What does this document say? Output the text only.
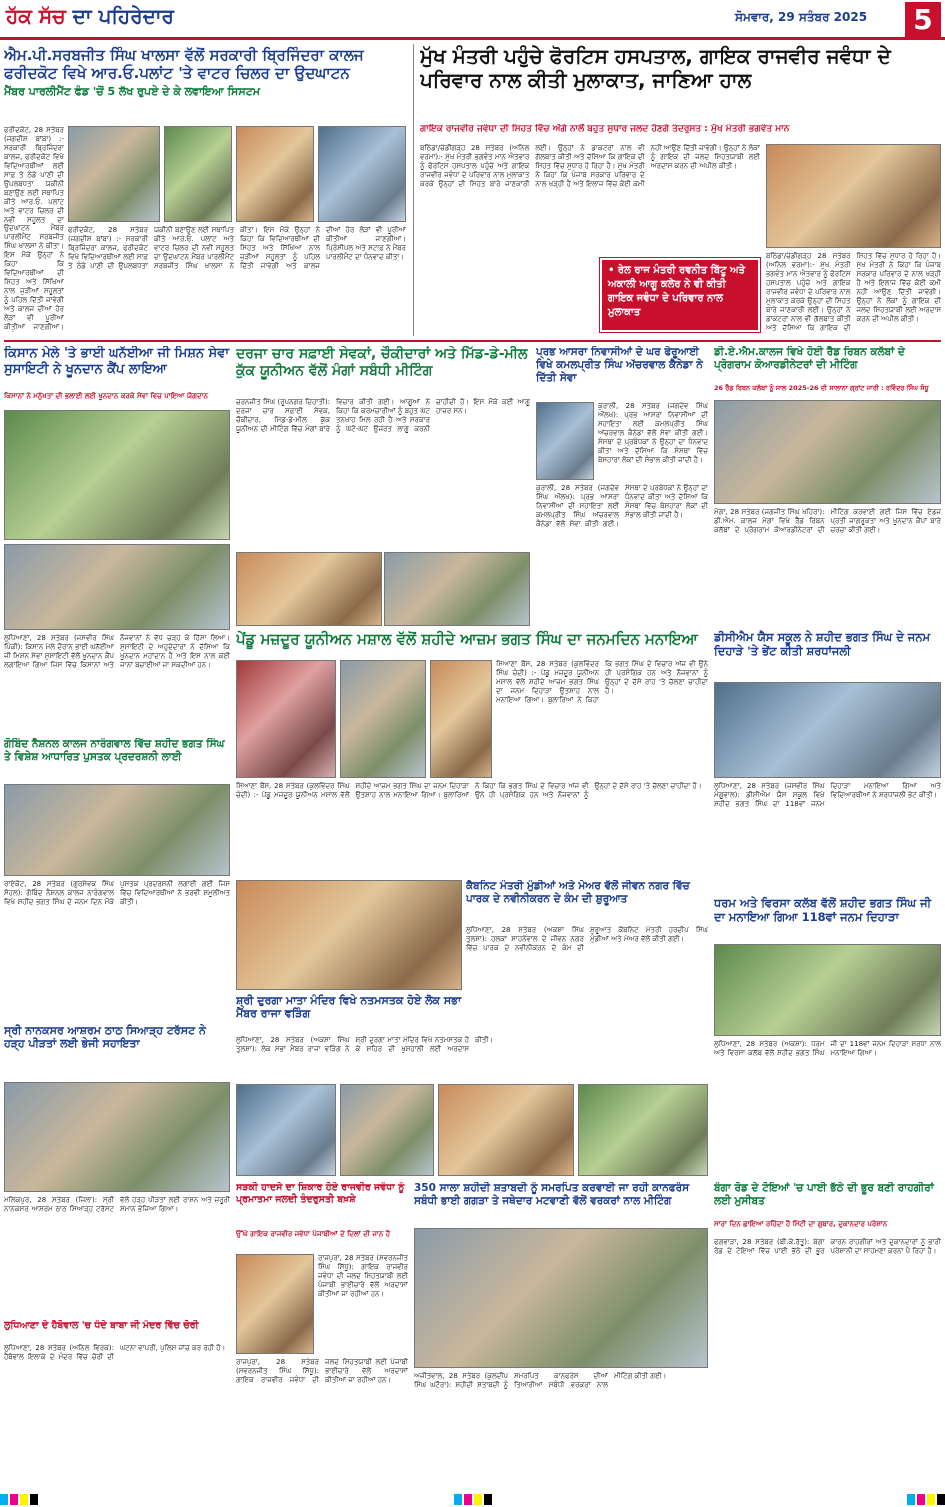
ਹੱਕ ਸੱਚ ਦਾ ਪਹਿਰੇਦਾਰ	ਸੋਮਵਾਰ, 29 ਸਤੰਬਰ 2025 5
ਐਮ.ਪੀ.ਸਰਬਜੀਤ ਸਿੰਘ ਖਾਲਸਾ ਵੱਲੋਂ ਸਰਕਾਰੀ ਬ੍ਰਿਜਿੰਦਰਾ ਕਾਲਜ ਫਰੀਦਕੋਟ ਵਿਖੇ ਆਰ.ਓ.ਪਲਾਂਟ 'ਤੇ ਵਾਟਰ ਚਿਲਰ ਦਾ ਉਦਘਾਟਨ
ਮੈਂਬਰ ਪਾਰਲੀਮੈਂਟ ਫੰਡ 'ਚੋਂ 5 ਲੱਖ ਰੁਪਏ ਦੇ ਕੇ ਲਵਾਇਆ ਸਿਸਟਮ
ਫਰੀਦਕੋਟ, 28 ਸਤੰਬਰ (ਜਗਦੀਸ਼ ਬਾਂਬਾ) :- ਸਰਕਾਰੀ ਬ੍ਰਿਜਿੰਦਰਾ ਕਾਲਜ, ਫਰੀਦਕੋਟ ਵਿਖੇ ਵਿਦਿਆਰਥੀਆਂ ਲਈ ਸਾਫ਼ ਤੇ ਠੰਡੇ ਪਾਣੀ ਦੀ ਉਪਲਬਧਤਾ ਯਕੀਨੀ ਬਣਾਉਣ ਲਈ ਸਥਾਪਿਤ ਕੀਤੇ ਆਰ.ਓ. ਪਲਾਂਟ ਅਤੇ ਵਾਟਰ ਚਿਲਰ ਦੀ ਨਵੀਂ ਸਹੂਲਤ ਦਾ ਉਦਘਾਟਨ ਮੈਂਬਰ ਪਾਰਲੀਮੈਂਟ ਸਰਬਜੀਤ ਸਿੰਘ ਖਾਲਸਾ ਨੇ ਕੀਤਾ। ਇਸ ਮੌਕੇ ਉਨ੍ਹਾਂ ਨੇ ਕਿਹਾ ਕਿ ਵਿਦਿਆਰਥੀਆਂ ਦੀ ਸਿਹਤ ਅਤੇ ਸਿੱਖਿਆ ਨਾਲ ਜੁੜੀਆਂ ਸਹੂਲਤਾਂ ਨੂੰ ਪਹਿਲ ਦਿੱਤੀ ਜਾਵੇਗੀ ਅਤੇ ਕਾਲਜ ਦੀਆਂ ਹੋਰ ਲੋੜਾਂ ਵੀ ਪੂਰੀਆਂ ਕੀਤੀਆਂ ਜਾਣਗੀਆਂ।
ਫਰੀਦਕੋਟ, 28 ਸਤੰਬਰ (ਜਗਦੀਸ਼ ਬਾਂਬਾ) :- ਸਰਕਾਰੀ ਬ੍ਰਿਜਿੰਦਰਾ ਕਾਲਜ, ਫਰੀਦਕੋਟ ਵਿਖੇ ਵਿਦਿਆਰਥੀਆਂ ਲਈ ਸਾਫ਼ ਤੇ ਠੰਡੇ ਪਾਣੀ ਦੀ ਉਪਲਬਧਤਾ ਯਕੀਨੀ ਬਣਾਉਣ ਲਈ ਸਥਾਪਿਤ ਕੀਤੇ ਆਰ.ਓ. ਪਲਾਂਟ ਅਤੇ ਵਾਟਰ ਚਿਲਰ ਦੀ ਨਵੀਂ ਸਹੂਲਤ ਦਾ ਉਦਘਾਟਨ ਮੈਂਬਰ ਪਾਰਲੀਮੈਂਟ ਸਰਬਜੀਤ ਸਿੰਘ ਖਾਲਸਾ ਨੇ ਕੀਤਾ। ਇਸ ਮੌਕੇ ਉਨ੍ਹਾਂ ਨੇ ਕਿਹਾ ਕਿ ਵਿਦਿਆਰਥੀਆਂ ਦੀ ਸਿਹਤ ਅਤੇ ਸਿੱਖਿਆ ਨਾਲ ਜੁੜੀਆਂ ਸਹੂਲਤਾਂ ਨੂੰ ਪਹਿਲ ਦਿੱਤੀ ਜਾਵੇਗੀ ਅਤੇ ਕਾਲਜ ਦੀਆਂ ਹੋਰ ਲੋੜਾਂ ਵੀ ਪੂਰੀਆਂ ਕੀਤੀਆਂ ਜਾਣਗੀਆਂ। ਪ੍ਰਿੰਸੀਪਲ ਅਤੇ ਸਟਾਫ਼ ਨੇ ਮੈਂਬਰ ਪਾਰਲੀਮੈਂਟ ਦਾ ਧੰਨਵਾਦ ਕੀਤਾ।
ਮੁੱਖ ਮੰਤਰੀ ਪਹੁੰਚੇ ਫੋਰਟਿਸ ਹਸਪਤਾਲ, ਗਾਇਕ ਰਾਜਵੀਰ ਜਵੰਧਾ ਦੇ ਪਰਿਵਾਰ ਨਾਲ ਕੀਤੀ ਮੁਲਾਕਾਤ, ਜਾਣਿਆ ਹਾਲ
ਗਾਇਕ ਰਾਜਵੀਰ ਜਵੰਧਾ ਦੀ ਸਿਹਤ ਵਿੱਚ ਅੱਗੇ ਨਾਲੋਂ ਬਹੁਤ ਸੁਧਾਰ ਜਲਦ ਹੋਣਗੇ ਤੰਦਰੁਸਤ : ਮੁੱਖ ਮੰਤਰੀ ਭਗਵੰਤ ਮਾਨ
ਬਠਿੰਡਾ/ਚੰਡੀਗੜ੍ਹ 28 ਸਤੰਬਰ (ਅਨਿਲ ਵਰਮਾ):- ਮੁੱਖ ਮੰਤਰੀ ਭਗਵੰਤ ਮਾਨ ਐਤਵਾਰ ਨੂੰ ਫੋਰਟਿਸ ਹਸਪਤਾਲ ਪਹੁੰਚੇ ਅਤੇ ਗਾਇਕ ਰਾਜਵੀਰ ਜਵੰਧਾ ਦੇ ਪਰਿਵਾਰ ਨਾਲ ਮੁਲਾਕਾਤ ਕਰਕੇ ਉਨ੍ਹਾਂ ਦੀ ਸਿਹਤ ਬਾਰੇ ਜਾਣਕਾਰੀ ਲਈ। ਉਨ੍ਹਾਂ ਨੇ ਡਾਕਟਰਾਂ ਨਾਲ ਵੀ ਗੱਲਬਾਤ ਕੀਤੀ ਅਤੇ ਦੱਸਿਆ ਕਿ ਗਾਇਕ ਦੀ ਸਿਹਤ ਵਿੱਚ ਸੁਧਾਰ ਹੋ ਰਿਹਾ ਹੈ। ਮੁੱਖ ਮੰਤਰੀ ਨੇ ਕਿਹਾ ਕਿ ਪੰਜਾਬ ਸਰਕਾਰ ਪਰਿਵਾਰ ਦੇ ਨਾਲ ਖੜ੍ਹੀ ਹੈ ਅਤੇ ਇਲਾਜ ਵਿੱਚ ਕੋਈ ਕਮੀ ਨਹੀਂ ਆਉਣ ਦਿੱਤੀ ਜਾਵੇਗੀ। ਉਨ੍ਹਾਂ ਨੇ ਲੋਕਾਂ ਨੂੰ ਗਾਇਕ ਦੀ ਜਲਦ ਸਿਹਤਯਾਬੀ ਲਈ ਅਰਦਾਸ ਕਰਨ ਦੀ ਅਪੀਲ ਕੀਤੀ।
ਬਠਿੰਡਾ/ਚੰਡੀਗੜ੍ਹ 28 ਸਤੰਬਰ (ਅਨਿਲ ਵਰਮਾ):- ਮੁੱਖ ਮੰਤਰੀ ਭਗਵੰਤ ਮਾਨ ਐਤਵਾਰ ਨੂੰ ਫੋਰਟਿਸ ਹਸਪਤਾਲ ਪਹੁੰਚੇ ਅਤੇ ਗਾਇਕ ਰਾਜਵੀਰ ਜਵੰਧਾ ਦੇ ਪਰਿਵਾਰ ਨਾਲ ਮੁਲਾਕਾਤ ਕਰਕੇ ਉਨ੍ਹਾਂ ਦੀ ਸਿਹਤ ਬਾਰੇ ਜਾਣਕਾਰੀ ਲਈ। ਉਨ੍ਹਾਂ ਨੇ ਡਾਕਟਰਾਂ ਨਾਲ ਵੀ ਗੱਲਬਾਤ ਕੀਤੀ ਅਤੇ ਦੱਸਿਆ ਕਿ ਗਾਇਕ ਦੀ ਸਿਹਤ ਵਿੱਚ ਸੁਧਾਰ ਹੋ ਰਿਹਾ ਹੈ। ਮੁੱਖ ਮੰਤਰੀ ਨੇ ਕਿਹਾ ਕਿ ਪੰਜਾਬ ਸਰਕਾਰ ਪਰਿਵਾਰ ਦੇ ਨਾਲ ਖੜ੍ਹੀ ਹੈ ਅਤੇ ਇਲਾਜ ਵਿੱਚ ਕੋਈ ਕਮੀ ਨਹੀਂ ਆਉਣ ਦਿੱਤੀ ਜਾਵੇਗੀ। ਉਨ੍ਹਾਂ ਨੇ ਲੋਕਾਂ ਨੂੰ ਗਾਇਕ ਦੀ ਜਲਦ ਸਿਹਤਯਾਬੀ ਲਈ ਅਰਦਾਸ ਕਰਨ ਦੀ ਅਪੀਲ ਕੀਤੀ।
• ਰੇਲ ਰਾਜ ਮੰਤਰੀ ਰਵਨੀਤ ਬਿੱਟੂ ਅਤੇ ਅਕਾਲੀ ਆਗੂ ਕਲੇਰ ਨੇ ਵੀ ਕੀਤੀ ਗਾਇਕ ਜਵੰਧਾ ਦੇ ਪਰਿਵਾਰ ਨਾਲ ਮੁਲਾਕਾਤ
ਕਿਸਾਨ ਮੇਲੇ 'ਤੇ ਭਾਈ ਘਨੱਈਆ ਜੀ ਮਿਸ਼ਨ ਸੇਵਾ ਸੁਸਾਇਟੀ ਨੇ ਖੂਨਦਾਨ ਕੈਂਪ ਲਾਇਆ
ਕਿਸਾਨਾਂ ਨੇ ਮਨੁੱਖਤਾ ਦੀ ਭਲਾਈ ਲਈ ਖੂਨਦਾਨ ਕਰਕੇ ਸੇਵਾ ਵਿਚ ਪਾਇਆ ਯੋਗਦਾਨ
ਲੁਧਿਆਣਾ, 28 ਸਤੰਬਰ (ਜਸਵੀਰ ਸਿੰਘ ਪਿੰਕੀ): ਕਿਸਾਨ ਮੇਲੇ ਦੌਰਾਨ ਭਾਈ ਘਨੱਈਆ ਜੀ ਮਿਸ਼ਨ ਸੇਵਾ ਸੁਸਾਇਟੀ ਵੱਲੋਂ ਖੂਨਦਾਨ ਕੈਂਪ ਲਗਾਇਆ ਗਿਆ ਜਿਸ ਵਿੱਚ ਕਿਸਾਨਾਂ ਅਤੇ ਨੌਜਵਾਨਾਂ ਨੇ ਵੱਧ ਚੜ੍ਹ ਕੇ ਹਿੱਸਾ ਲਿਆ। ਸੁਸਾਇਟੀ ਦੇ ਅਹੁਦੇਦਾਰਾਂ ਨੇ ਦੱਸਿਆ ਕਿ ਖੂਨਦਾਨ ਮਹਾਂਦਾਨ ਹੈ ਅਤੇ ਇਸ ਨਾਲ ਕਈ ਜਾਨਾਂ ਬਚਾਈਆਂ ਜਾ ਸਕਦੀਆਂ ਹਨ।
ਦਰਜਾ ਚਾਰ ਸਫ਼ਾਈ ਸੇਵਕਾਂ, ਚੌਕੀਦਾਰਾਂ ਅਤੇ ਮਿੱਡ-ਡੇ-ਮੀਲ ਕੁੱਕ ਯੂਨੀਅਨ ਵੱਲੋਂ ਮੰਗਾਂ ਸਬੰਧੀ ਮੀਟਿੰਗ
ਚਰਨਜੀਤ ਸਿੰਘ (ਰੂਪਨਗਰ ਦਿਹਾਤੀ): ਦਰਜਾ ਚਾਰ ਸਫ਼ਾਈ ਸੇਵਕ, ਚੌਕੀਦਾਰ, ਮਿੱਡ-ਡੇ-ਮੀਲ ਕੁੱਕ ਯੂਨੀਅਨ ਦੀ ਮੀਟਿੰਗ ਵਿੱਚ ਮੰਗਾਂ ਬਾਰੇ ਵਿਚਾਰ ਕੀਤੀ ਗਈ। ਆਗੂਆਂ ਨੇ ਕਿਹਾ ਕਿ ਕਰਮਚਾਰੀਆਂ ਨੂੰ ਬਹੁਤ ਘੱਟ ਤਨਖਾਹ ਮਿਲ ਰਹੀ ਹੈ ਅਤੇ ਸਰਕਾਰ ਨੂੰ ਘੱਟੋ-ਘੱਟ ਉਜਰਤ ਲਾਗੂ ਕਰਨੀ ਚਾਹੀਦੀ ਹੈ। ਇਸ ਮੌਕੇ ਕਈ ਆਗੂ ਹਾਜ਼ਰ ਸਨ।
ਪ੍ਰਭ ਆਸਰਾ ਨਿਵਾਸੀਆਂ ਦੇ ਘਰ ਫੇਰੂਆਈ ਵਿਖੇ ਕਮਲਪ੍ਰੀਤ ਸਿੰਘ ਅੱਚਰਵਾਲ ਕੈਨੇਡਾ ਨੇ ਦਿੱਤੀ ਸੇਵਾ
ਕੁਰਾਲੀ, 28 ਸਤੰਬਰ (ਜਗਦੇਵ ਸਿੰਘ ਔਲਖ): ਪ੍ਰਭ ਆਸਰਾ ਨਿਵਾਸੀਆਂ ਦੀ ਸਹਾਇਤਾ ਲਈ ਕਮਲਪ੍ਰੀਤ ਸਿੰਘ ਅੱਚਰਵਾਲ ਕੈਨੇਡਾ ਵੱਲੋਂ ਸੇਵਾ ਕੀਤੀ ਗਈ। ਸੰਸਥਾ ਦੇ ਪ੍ਰਬੰਧਕਾਂ ਨੇ ਉਨ੍ਹਾਂ ਦਾ ਧੰਨਵਾਦ ਕੀਤਾ ਅਤੇ ਦੱਸਿਆ ਕਿ ਸੰਸਥਾ ਵਿੱਚ ਬੇਸਹਾਰਾ ਲੋਕਾਂ ਦੀ ਸੰਭਾਲ ਕੀਤੀ ਜਾਂਦੀ ਹੈ।
ਕੁਰਾਲੀ, 28 ਸਤੰਬਰ (ਜਗਦੇਵ ਸਿੰਘ ਔਲਖ): ਪ੍ਰਭ ਆਸਰਾ ਨਿਵਾਸੀਆਂ ਦੀ ਸਹਾਇਤਾ ਲਈ ਕਮਲਪ੍ਰੀਤ ਸਿੰਘ ਅੱਚਰਵਾਲ ਕੈਨੇਡਾ ਵੱਲੋਂ ਸੇਵਾ ਕੀਤੀ ਗਈ। ਸੰਸਥਾ ਦੇ ਪ੍ਰਬੰਧਕਾਂ ਨੇ ਉਨ੍ਹਾਂ ਦਾ ਧੰਨਵਾਦ ਕੀਤਾ ਅਤੇ ਦੱਸਿਆ ਕਿ ਸੰਸਥਾ ਵਿੱਚ ਬੇਸਹਾਰਾ ਲੋਕਾਂ ਦੀ ਸੰਭਾਲ ਕੀਤੀ ਜਾਂਦੀ ਹੈ।
ਡੀ.ਏ.ਐਮ.ਕਾਲਜ ਵਿਖੇ ਹੋਈ ਰੈੱਡ ਰਿਬਨ ਕਲੱਬਾਂ ਦੇ ਪ੍ਰੋਗਰਾਮ ਕੋਆਰਡੀਨੇਟਰਾਂ ਦੀ ਮੀਟਿੰਗ
26 ਰੈੱਡ ਰਿਬਨ ਕਲੱਬਾਂ ਨੂੰ ਸਾਲ 2025-26 ਦੀ ਸਾਲਾਨਾ ਗ੍ਰਾਂਟ ਜਾਰੀ : ਰਵਿੰਦਰ ਸਿੰਘ ਸੰਧੂ
ਮੋਗਾ, 28 ਸਤੰਬਰ (ਜਗਜੀਤ ਸਿੰਘ ਖਹਿਰਾ): ਡੀ.ਐਮ. ਕਾਲਜ ਮੋਗਾ ਵਿਖੇ ਰੈੱਡ ਰਿਬਨ ਕਲੱਬਾਂ ਦੇ ਪ੍ਰੋਗਰਾਮ ਕੋਆਰਡੀਨੇਟਰਾਂ ਦੀ ਮੀਟਿੰਗ ਕਰਵਾਈ ਗਈ ਜਿਸ ਵਿੱਚ ਏਡਜ਼ ਪ੍ਰਤੀ ਜਾਗਰੂਕਤਾ ਅਤੇ ਖੂਨਦਾਨ ਕੈਂਪਾਂ ਬਾਰੇ ਚਰਚਾ ਕੀਤੀ ਗਈ।
ਪੇਂਡੂ ਮਜ਼ਦੂਰ ਯੂਨੀਅਨ ਮਸ਼ਾਲ ਵੱਲੋਂ ਸ਼ਹੀਦੇ ਆਜ਼ਮ ਭਗਤ ਸਿੰਘ ਦਾ ਜਨਮਦਿਨ ਮਨਾਇਆ
ਸਿਆਣਾ ਬੈਂਸ, 28 ਸਤੰਬਰ (ਕੁਲਵਿੰਦਰ ਸਿੰਘ ਚੰਦੀ) :- ਪੇਂਡੂ ਮਜ਼ਦੂਰ ਯੂਨੀਅਨ ਮਸ਼ਾਲ ਵੱਲੋਂ ਸ਼ਹੀਦੇ ਆਜ਼ਮ ਭਗਤ ਸਿੰਘ ਦਾ ਜਨਮ ਦਿਹਾੜਾ ਉਤਸ਼ਾਹ ਨਾਲ ਮਨਾਇਆ ਗਿਆ। ਬੁਲਾਰਿਆਂ ਨੇ ਕਿਹਾ ਕਿ ਭਗਤ ਸਿੰਘ ਦੇ ਵਿਚਾਰ ਅੱਜ ਵੀ ਉਨੇ ਹੀ ਪ੍ਰਸੰਗਿਕ ਹਨ ਅਤੇ ਨੌਜਵਾਨਾਂ ਨੂੰ ਉਨ੍ਹਾਂ ਦੇ ਦੱਸੇ ਰਾਹ 'ਤੇ ਚੱਲਣਾ ਚਾਹੀਦਾ ਹੈ।
ਸਿਆਣਾ ਬੈਂਸ, 28 ਸਤੰਬਰ (ਕੁਲਵਿੰਦਰ ਸਿੰਘ ਚੰਦੀ) :- ਪੇਂਡੂ ਮਜ਼ਦੂਰ ਯੂਨੀਅਨ ਮਸ਼ਾਲ ਵੱਲੋਂ ਸ਼ਹੀਦੇ ਆਜ਼ਮ ਭਗਤ ਸਿੰਘ ਦਾ ਜਨਮ ਦਿਹਾੜਾ ਉਤਸ਼ਾਹ ਨਾਲ ਮਨਾਇਆ ਗਿਆ। ਬੁਲਾਰਿਆਂ ਨੇ ਕਿਹਾ ਕਿ ਭਗਤ ਸਿੰਘ ਦੇ ਵਿਚਾਰ ਅੱਜ ਵੀ ਉਨੇ ਹੀ ਪ੍ਰਸੰਗਿਕ ਹਨ ਅਤੇ ਨੌਜਵਾਨਾਂ ਨੂੰ ਉਨ੍ਹਾਂ ਦੇ ਦੱਸੇ ਰਾਹ 'ਤੇ ਚੱਲਣਾ ਚਾਹੀਦਾ ਹੈ।
ਡੀਸੀਐਮ ਯੈਸ ਸਕੂਲ ਨੇ ਸ਼ਹੀਦ ਭਗਤ ਸਿੰਘ ਦੇ ਜਨਮ ਦਿਹਾੜੇ 'ਤੇ ਭੇਂਟ ਕੀਤੀ ਸ਼ਰਧਾਂਜਲੀ
ਲੁਧਿਆਣਾ, 28 ਸਤੰਬਰ (ਜਸਵੀਰ ਸਿੰਘ ਮੰਗੂਵਾਲ): ਡੀਸੀਐਮ ਯੈਸ ਸਕੂਲ ਵਿਖੇ ਸ਼ਹੀਦ ਭਗਤ ਸਿੰਘ ਦਾ 118ਵਾਂ ਜਨਮ ਦਿਹਾੜਾ ਮਨਾਇਆ ਗਿਆ ਅਤੇ ਵਿਦਿਆਰਥੀਆਂ ਨੇ ਸ਼ਰਧਾਂਜਲੀ ਭੇਟ ਕੀਤੀ।
ਗੋਬਿੰਦ ਨੈਸ਼ਨਲ ਕਾਲਜ ਨਾਰੰਗਵਾਲ ਵਿੱਚ ਸ਼ਹੀਦ ਭਗਤ ਸਿੰਘ ਤੇ ਵਿਸ਼ੇਸ਼ ਆਧਾਰਿਤ ਪੁਸਤਕ ਪ੍ਰਦਰਸ਼ਨੀ ਲਾਈ
ਰਾਏਕੋਟ, 28 ਸਤੰਬਰ (ਗੁਰਸੇਵਕ ਸਿੰਘ ਸੋਹਲ): ਗੋਬਿੰਦ ਨੈਸ਼ਨਲ ਕਾਲਜ ਨਾਰੰਗਵਾਲ ਵਿਖੇ ਸ਼ਹੀਦ ਭਗਤ ਸਿੰਘ ਦੇ ਜਨਮ ਦਿਨ ਮੌਕੇ ਪੁਸਤਕ ਪ੍ਰਦਰਸ਼ਨੀ ਲਗਾਈ ਗਈ ਜਿਸ ਵਿੱਚ ਵਿਦਿਆਰਥੀਆਂ ਨੇ ਭਰਵੀਂ ਸ਼ਮੂਲੀਅਤ ਕੀਤੀ।
ਸ਼੍ਰੀ ਦੁਰਗਾ ਮਾਤਾ ਮੰਦਿਰ ਵਿਖੇ ਨਤਮਸਤਕ ਹੋਏ ਲੋਕ ਸਭਾ ਮੈਂਬਰ ਰਾਜਾ ਵੜਿੰਗ
ਲੁਧਿਆਣਾ, 28 ਸਤੰਬਰ (ਅਕਸ਼ਾ ਸਿੰਘ ਤੁਲਸ਼ਾ): ਲੋਕ ਸਭਾ ਮੈਂਬਰ ਰਾਜਾ ਵੜਿੰਗ ਨੇ ਸ਼੍ਰੀ ਦੁਰਗਾ ਮਾਤਾ ਮੰਦਿਰ ਵਿਖੇ ਨਤਮਸਤਕ ਹੋ ਕੇ ਸ਼ਹਿਰ ਦੀ ਖੁਸ਼ਹਾਲੀ ਲਈ ਅਰਦਾਸ ਕੀਤੀ।
ਕੈਬਨਿਟ ਮੰਤਰੀ ਮੁੰਡੀਆਂ ਅਤੇ ਮੇਅਰ ਵੱਲੋਂ ਜੀਵਨ ਨਗਰ ਵਿੱਚ ਪਾਰਕ ਦੇ ਨਵੀਨੀਕਰਨ ਦੇ ਕੰਮ ਦੀ ਸ਼ੁਰੂਆਤ
ਲੁਧਿਆਣਾ, 28 ਸਤੰਬਰ (ਅਕਸ਼ਾ ਸਿੰਘ ਤੁਲਸ਼ਾ): ਹਲਕਾ ਸਾਹਨੇਵਾਲ ਦੇ ਜੀਵਨ ਨਗਰ ਵਿੱਚ ਪਾਰਕ ਦੇ ਨਵੀਨੀਕਰਨ ਦੇ ਕੰਮ ਦੀ ਸ਼ੁਰੂਆਤ ਕੈਬਨਿਟ ਮੰਤਰੀ ਹਰਦੀਪ ਸਿੰਘ ਮੁੰਡੀਆਂ ਅਤੇ ਮੇਅਰ ਵੱਲੋਂ ਕੀਤੀ ਗਈ।
ਧਰਮ ਅਤੇ ਵਿਰਸਾ ਕਲੱਬ ਵੱਲੋਂ ਸ਼ਹੀਦ ਭਗਤ ਸਿੰਘ ਜੀ ਦਾ ਮਨਾਇਆ ਗਿਆ 118ਵਾਂ ਜਨਮ ਦਿਹਾੜਾ
ਲੁਧਿਆਣਾ, 28 ਸਤੰਬਰ (ਅਕਸ਼ਾ): ਧਰਮ ਅਤੇ ਵਿਰਸਾ ਕਲੱਬ ਵੱਲੋਂ ਸ਼ਹੀਦ ਭਗਤ ਸਿੰਘ ਜੀ ਦਾ 118ਵਾਂ ਜਨਮ ਦਿਹਾੜਾ ਸ਼ਰਧਾ ਨਾਲ ਮਨਾਇਆ ਗਿਆ।
ਸ੍ਰੀ ਨਾਨਕਸਰ ਆਸ਼ਰਮ ਠਾਠ ਸਿਆੜ੍ਹ ਟਰੱਸਟ ਨੇ ਹੜ੍ਹ ਪੀੜਤਾਂ ਲਈ ਭੇਜੀ ਸਹਾਇਤਾ
ਮਲਿਕਪੁਰ, 28 ਸਤੰਬਰ (ਜਿਲਾ): ਸ੍ਰੀ ਨਾਨਕਸਰ ਆਸ਼ਰਮ ਠਾਠ ਸਿਆੜ੍ਹ ਟਰੱਸਟ ਵੱਲੋਂ ਹੜ੍ਹ ਪੀੜਤਾਂ ਲਈ ਰਾਸ਼ਨ ਅਤੇ ਜ਼ਰੂਰੀ ਸਮਾਨ ਭੇਜਿਆ ਗਿਆ।
ਲੁਧਿਆਣਾ ਦੇ ਹੈਬੋਵਾਲ 'ਚ ਧੰਦੇ ਬਾਬਾ ਜੀ ਮੰਦਰ ਵਿੱਚ ਚੋਰੀ
ਲੁਧਿਆਣਾ, 28 ਸਤੰਬਰ (ਅਨਿਲ ਵਿਰਕ): ਹੈਬੋਵਾਲ ਇਲਾਕੇ ਦੇ ਮੰਦਰ ਵਿੱਚ ਚੋਰੀ ਦੀ ਘਟਨਾ ਵਾਪਰੀ, ਪੁਲਿਸ ਜਾਂਚ ਕਰ ਰਹੀ ਹੈ।
ਸੜਕੀ ਹਾਦਸੇ ਦਾ ਸ਼ਿਕਾਰ ਹੋਏ ਰਾਜਵੀਰ ਜਵੰਧਾ ਨੂੰ ਪ੍ਰਮਾਤਮਾ ਜਲਦੀ ਤੰਦਰੁਸਤੀ ਬਖ਼ਸ਼ੇ
ਉੱਘੇ ਗਾਇਕ ਰਾਜਵੀਰ ਜਵੰਧਾ ਪੰਜਾਬੀਆਂ ਦੇ ਦਿਲਾਂ ਦੀ ਜਾਨ ਹੈ
ਰਾਜਪੁਰਾ, 28 ਸਤੰਬਰ (ਸਵਰਨਜੀਤ ਸਿੰਘ ਸਿੱਧੂ): ਗਾਇਕ ਰਾਜਵੀਰ ਜਵੰਧਾ ਦੀ ਜਲਦ ਸਿਹਤਯਾਬੀ ਲਈ ਪੰਜਾਬੀ ਭਾਈਚਾਰੇ ਵੱਲੋਂ ਅਰਦਾਸਾਂ ਕੀਤੀਆਂ ਜਾ ਰਹੀਆਂ ਹਨ।
ਰਾਜਪੁਰਾ, 28 ਸਤੰਬਰ (ਸਵਰਨਜੀਤ ਸਿੰਘ ਸਿੱਧੂ): ਗਾਇਕ ਰਾਜਵੀਰ ਜਵੰਧਾ ਦੀ ਜਲਦ ਸਿਹਤਯਾਬੀ ਲਈ ਪੰਜਾਬੀ ਭਾਈਚਾਰੇ ਵੱਲੋਂ ਅਰਦਾਸਾਂ ਕੀਤੀਆਂ ਜਾ ਰਹੀਆਂ ਹਨ।
350 ਸਾਲਾ ਸ਼ਹੀਦੀ ਸ਼ਤਾਬਦੀ ਨੂੰ ਸਮਰਪਿਤ ਕਰਵਾਈ ਜਾ ਰਹੀ ਕਾਨਫਰੰਸ ਸਬੰਧੀ ਭਾਈ ਗਗੜਾ ਤੇ ਜਥੇਦਾਰ ਮਟਵਾਣੀ ਵੱਲੋਂ ਵਰਕਰਾਂ ਨਾਲ ਮੀਟਿੰਗ
ਅਜੀਤਵਾਲ, 28 ਸਤੰਬਰ (ਕੁਲਦੀਪ ਸਿੰਘ ਘਟੌਰਾ): ਸ਼ਹੀਦੀ ਸ਼ਤਾਬਦੀ ਨੂੰ ਸਮਰਪਿਤ ਕਾਨਫਰੰਸ ਦੀਆਂ ਤਿਆਰੀਆਂ ਸਬੰਧੀ ਵਰਕਰਾਂ ਨਾਲ ਮੀਟਿੰਗ ਕੀਤੀ ਗਈ।
ਬੰਗਾ ਰੋਡ ਦੇ ਟੋਇਆਂ 'ਚ ਪਾਈ ਭੱਠੇ ਦੀ ਭੂਰ ਬਣੀ ਰਾਹਗੀਰਾਂ ਲਈ ਮੁਸੀਬਤ
ਸਾਰਾ ਦਿਨ ਛਾਇਆ ਰਹਿੰਦਾ ਹੈ ਮਿੱਟੀ ਦਾ ਗੁਬਾਰ, ਦੁਕਾਨਦਾਰ ਪਰੇਸ਼ਾਨ
ਫਗਵਾੜਾ, 28 ਸਤੰਬਰ (ਬੀ.ਕੇ.ਰੱਤੂ): ਬੰਗਾ ਰੋਡ ਦੇ ਟੋਇਆਂ ਵਿੱਚ ਪਾਈ ਭੱਠੇ ਦੀ ਭੂਰ ਕਾਰਨ ਰਾਹਗੀਰਾਂ ਅਤੇ ਦੁਕਾਨਦਾਰਾਂ ਨੂੰ ਭਾਰੀ ਪਰੇਸ਼ਾਨੀ ਦਾ ਸਾਹਮਣਾ ਕਰਨਾ ਪੈ ਰਿਹਾ ਹੈ।
